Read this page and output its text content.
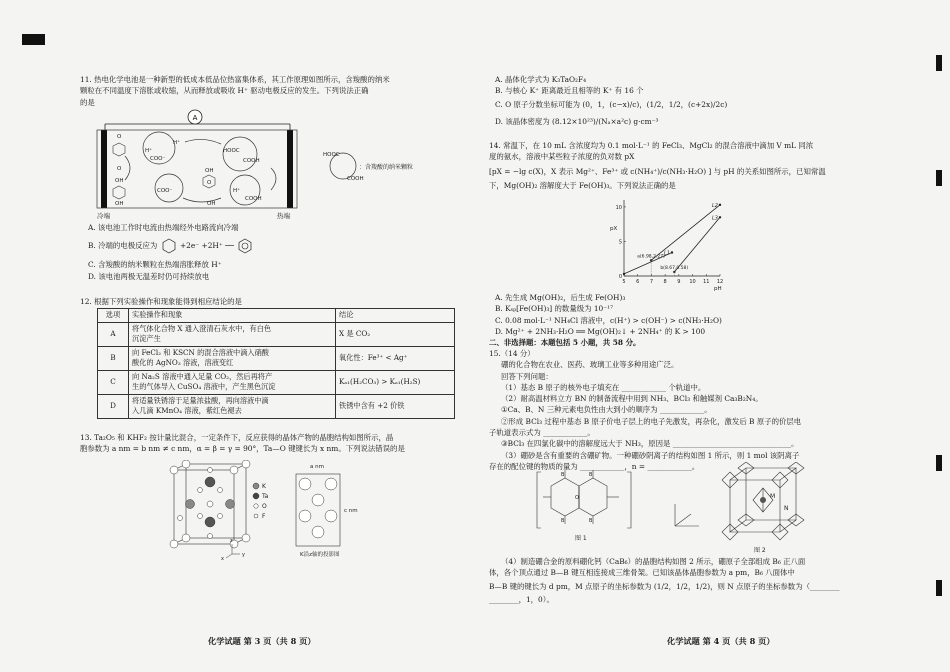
11. 热电化学电池是一种新型的低成本低品位热富集体系，其工作原理如图所示，含羧酸的纳米
颗粒在不同温度下溶胀或收缩，从而释放或吸收 H⁺ 驱动电极反应的发生。下列说法正确
的是
A
H⁺
H⁺
COO⁻
HOOC
COOH
COO⁻	H⁺
COOH
HOOC
COOH
O
O
OH
OH
OH
OH
O
：含羧酸的纳米颗粒
冷端	热端
A. 该电池工作时电流由热端经外电路流向冷端
B. 冷端的电极反应为	+2e⁻ +2H⁺ ──
C. 含羧酸的纳米颗粒在热端溶胀释放 H⁺
D. 该电池两极无温差时仍可持续放电
12. 根据下列实验操作和现象能得到相应结论的是
选项	实验操作和现象	结论
A	将气体化合物 X 通入澄清石灰水中，有白色
沉淀产生	X 是 CO₂
B	向 FeCl₂ 和 KSCN 的混合溶液中滴入硝酸
酸化的 AgNO₃ 溶液，溶液变红	氧化性：Fe³⁺ < Ag⁺
C	向 Na₂S 溶液中通入足量 CO₂，然后再将产
生的气体导入 CuSO₄ 溶液中，产生黑色沉淀	Kₐ₁(H₂CO₃) > Kₐ₁(H₂S)
D	将适量铁锈溶于足量浓盐酸，再向溶液中滴
入几滴 KMnO₄ 溶液，紫红色褪去	铁锈中含有 +2 价铁
13. Ta₂O₅ 和 KHF₂ 按计量比混合，一定条件下，反应获得的晶体产物的晶胞结构如图所示，晶
胞参数为 a nm = b nm ≠ c nm，α = β = γ = 90°，Ta—O 键键长为 x nm。下列说法错误的是
K
Ta
O
F
z
y
x
a nm
c nm
K沿z轴的投影图
化学试题 第 3 页（共 8 页）
A. 晶体化学式为 K₃TaO₂F₄
B. 与核心 K⁺ 距离最近且相等的 K⁺ 有 16 个
C. O 原子分数坐标可能为 (0，1，(c−x)/c)，(1/2，1/2，(c+2x)/2c)
D. 该晶体密度为 (8.12×10²³)/(Nₐ×a²c) g·cm⁻³
14. 常温下，在 10 mL 含浓度均为 0.1 mol·L⁻¹ 的 FeCl₃、MgCl₂ 的混合溶液中滴加 V mL 同浓
度的氨水，溶液中某些粒子浓度的负对数 pX
[pX = −lg c(X)，X 表示 Mg²⁺、Fe³⁺ 或 c(NH₄⁺)/c(NH₃·H₂O) ] 与 pH 的关系如图所示，已知常温
下，Mg(OH)₂ 溶解度大于 Fe(OH)₃。下列说法正确的是
5 6 7 8 9 10 11 12
0
5
10
pH
pX
L1
L2
L3
a(6.98,2.27)
b(8.67,0.58)
A. 先生成 Mg(OH)₂，后生成 Fe(OH)₃
B. Kₛₚ[Fe(OH)₃] 的数量级为 10⁻¹⁷
C. 0.08 mol·L⁻¹ NH₄Cl 溶液中，c(H⁺) > c(OH⁻) > c(NH₃·H₂O)
D. Mg²⁺ + 2NH₃·H₂O ══ Mg(OH)₂↓ + 2NH₄⁺ 的 K > 100
二、非选择题：本题包括 5 小题，共 58 分。
15.（14 分）
硼的化合物在农业、医药、玻璃工业等多种用途广泛。
回答下列问题：
（1）基态 B 原子的核外电子填充在 ____________ 个轨道中。
（2）耐高温材料立方 BN 的制备流程中用到 NH₃、BCl₃ 和触媒剂 Ca₃B₂N₄。
①Ca、B、N 三种元素电负性由大到小的顺序为 ____________。
②形成 BCl₃ 过程中基态 B 原子价电子层上的电子先激发，再杂化，激发后 B 原子的价层电
子轨道表示式为 ____________。
③BCl₃ 在四氯化碳中的溶解度远大于 NH₃，原因是 ________________________________。
（3）硼砂是含有重要的含硼矿物。一种硼砂阴离子的结构如图 1 所示，则 1 mol 该阴离子
存在的配位键的物质的量为 ____________，n = ____________。
B	B
O
B	B
图 1
M
N
图 2
（4）制造硼合金的原料硼化钙（CaB₆）的晶胞结构如图 2 所示，硼原子全部组成 B₆ 正八面
体，各个顶点通过 B—B 键互相连接成三维骨架。已知该晶体晶胞参数为 a pm，B₆ 八面体中
B—B 键的键长为 d pm，M 点原子的坐标参数为 (1/2，1/2，1/2)，则 N 点原子的坐标参数为（________
________，1，0）。
化学试题 第 4 页（共 8 页）
